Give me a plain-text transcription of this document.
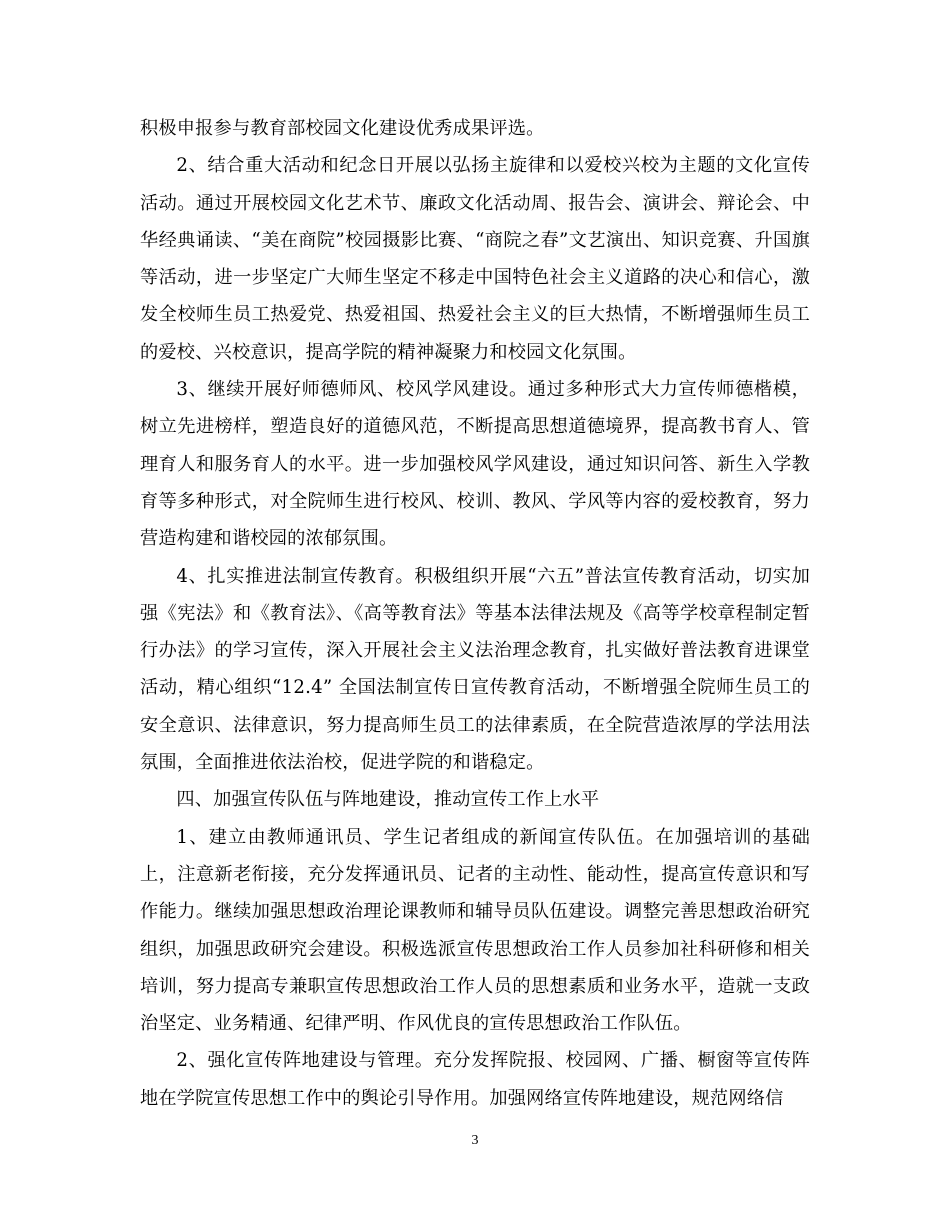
积极申报参与教育部校园文化建设优秀成果评选。

2、结合重大活动和纪念日开展以弘扬主旋律和以爱校兴校为主题的文化宣传活动。通过开展校园文化艺术节、廉政文化活动周、报告会、演讲会、辩论会、中华经典诵读、“美在商院”校园摄影比赛、“商院之春”文艺演出、知识竞赛、升国旗等活动，进一步坚定广大师生坚定不移走中国特色社会主义道路的决心和信心，激发全校师生员工热爱党、热爱祖国、热爱社会主义的巨大热情，不断增强师生员工的爱校、兴校意识，提高学院的精神凝聚力和校园文化氛围。

3、继续开展好师德师风、校风学风建设。通过多种形式大力宣传师德楷模，树立先进榜样，塑造良好的道德风范，不断提高思想道德境界，提高教书育人、管理育人和服务育人的水平。进一步加强校风学风建设，通过知识问答、新生入学教育等多种形式，对全院师生进行校风、校训、教风、学风等内容的爱校教育，努力营造构建和谐校园的浓郁氛围。

4、扎实推进法制宣传教育。积极组织开展“六五”普法宣传教育活动，切实加强《宪法》和《教育法》、《高等教育法》等基本法律法规及《高等学校章程制定暂行办法》的学习宣传，深入开展社会主义法治理念教育，扎实做好普法教育进课堂活动，精心组织“12.4” 全国法制宣传日宣传教育活动，不断增强全院师生员工的安全意识、法律意识，努力提高师生员工的法律素质，在全院营造浓厚的学法用法氛围，全面推进依法治校，促进学院的和谐稳定。

四、加强宣传队伍与阵地建设，推动宣传工作上水平

1、建立由教师通讯员、学生记者组成的新闻宣传队伍。在加强培训的基础上，注意新老衔接，充分发挥通讯员、记者的主动性、能动性，提高宣传意识和写作能力。继续加强思想政治理论课教师和辅导员队伍建设。调整完善思想政治研究组织，加强思政研究会建设。积极选派宣传思想政治工作人员参加社科研修和相关培训，努力提高专兼职宣传思想政治工作人员的思想素质和业务水平，造就一支政治坚定、业务精通、纪律严明、作风优良的宣传思想政治工作队伍。

2、强化宣传阵地建设与管理。充分发挥院报、校园网、广播、橱窗等宣传阵地在学院宣传思想工作中的舆论引导作用。加强网络宣传阵地建设，规范网络信

3
